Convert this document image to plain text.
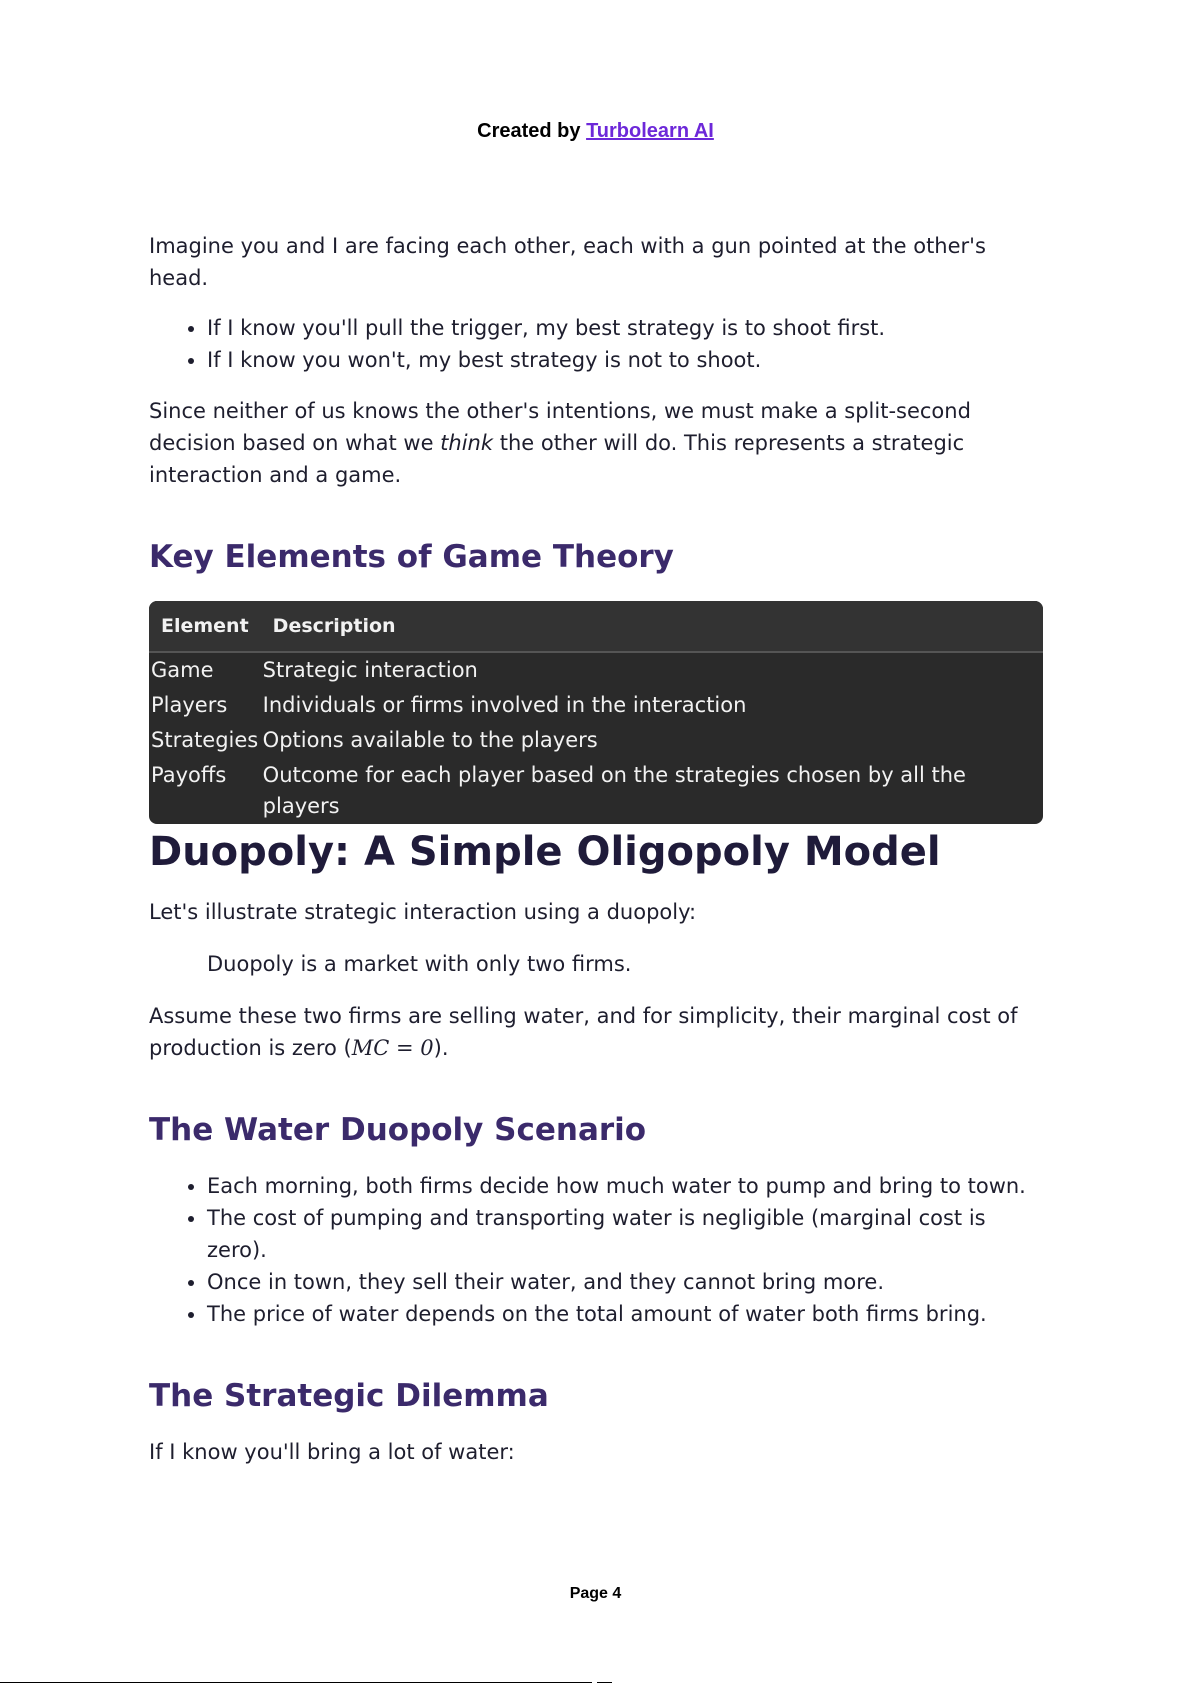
Created by Turbolearn AI

Imagine you and I are facing each other, each with a gun pointed at the other's head.

• If I know you'll pull the trigger, my best strategy is to shoot first.
• If I know you won't, my best strategy is not to shoot.

Since neither of us knows the other's intentions, we must make a split-second decision based on what we think the other will do. This represents a strategic interaction and a game.

Key Elements of Game Theory
Element	Description
Game	Strategic interaction
Players	Individuals or firms involved in the interaction
Strategies	Options available to the players
Payoffs	Outcome for each player based on the strategies chosen by all the players
Duopoly: A Simple Oligopoly Model

Let's illustrate strategic interaction using a duopoly:

Duopoly is a market with only two firms.

Assume these two firms are selling water, and for simplicity, their marginal cost of production is zero (MC = 0).

The Water Duopoly Scenario
• Each morning, both firms decide how much water to pump and bring to town.
• The cost of pumping and transporting water is negligible (marginal cost is zero).
• Once in town, they sell their water, and they cannot bring more.
• The price of water depends on the total amount of water both firms bring.
The Strategic Dilemma

If I know you'll bring a lot of water:

Page 4
